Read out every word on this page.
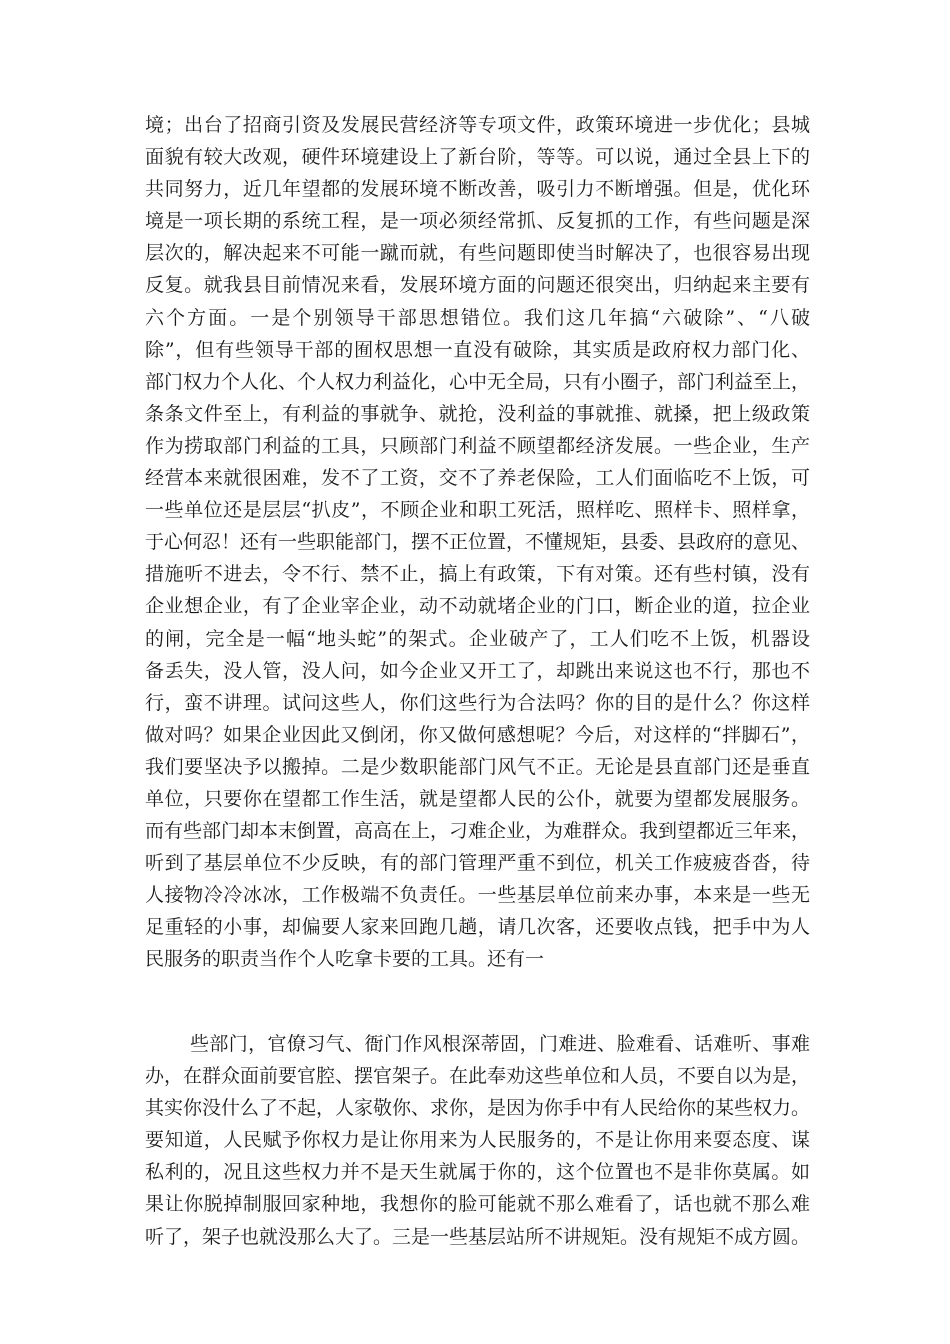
境；出台了招商引资及发展民营经济等专项文件，政策环境进一步优化；县城
面貌有较大改观，硬件环境建设上了新台阶，等等。可以说，通过全县上下的
共同努力，近几年望都的发展环境不断改善，吸引力不断增强。但是，优化环
境是一项长期的系统工程，是一项必须经常抓、反复抓的工作，有些问题是深
层次的，解决起来不可能一蹴而就，有些问题即使当时解决了，也很容易出现
反复。就我县目前情况来看，发展环境方面的问题还很突出，归纳起来主要有
六个方面。一是个别领导干部思想错位。我们这几年搞“六破除”、“八破
除”，但有些领导干部的囿权思想一直没有破除，其实质是政府权力部门化、
部门权力个人化、个人权力利益化，心中无全局，只有小圈子，部门利益至上，
条条文件至上，有利益的事就争、就抢，没利益的事就推、就搡，把上级政策
作为捞取部门利益的工具，只顾部门利益不顾望都经济发展。一些企业，生产
经营本来就很困难，发不了工资，交不了养老保险，工人们面临吃不上饭，可
一些单位还是层层“扒皮”，不顾企业和职工死活，照样吃、照样卡、照样拿，
于心何忍！还有一些职能部门，摆不正位置，不懂规矩，县委、县政府的意见、
措施听不进去，令不行、禁不止，搞上有政策，下有对策。还有些村镇，没有
企业想企业，有了企业宰企业，动不动就堵企业的门口，断企业的道，拉企业
的闸，完全是一幅“地头蛇”的架式。企业破产了，工人们吃不上饭，机器设
备丢失，没人管，没人问，如今企业又开工了，却跳出来说这也不行，那也不
行，蛮不讲理。试问这些人，你们这些行为合法吗？你的目的是什么？你这样
做对吗？如果企业因此又倒闭，你又做何感想呢？今后，对这样的“拌脚石”，
我们要坚决予以搬掉。二是少数职能部门风气不正。无论是县直部门还是垂直
单位，只要你在望都工作生活，就是望都人民的公仆，就要为望都发展服务。
而有些部门却本末倒置，高高在上，刁难企业，为难群众。我到望都近三年来，
听到了基层单位不少反映，有的部门管理严重不到位，机关工作疲疲沓沓，待
人接物冷冷冰冰，工作极端不负责任。一些基层单位前来办事，本来是一些无
足重轻的小事，却偏要人家来回跑几趟，请几次客，还要收点钱，把手中为人
民服务的职责当作个人吃拿卡要的工具。还有一
些部门，官僚习气、衙门作风根深蒂固，门难进、脸难看、话难听、事难
办，在群众面前要官腔、摆官架子。在此奉劝这些单位和人员，不要自以为是，
其实你没什么了不起，人家敬你、求你，是因为你手中有人民给你的某些权力。
要知道，人民赋予你权力是让你用来为人民服务的，不是让你用来耍态度、谋
私利的，况且这些权力并不是天生就属于你的，这个位置也不是非你莫属。如
果让你脱掉制服回家种地，我想你的脸可能就不那么难看了，话也就不那么难
听了，架子也就没那么大了。三是一些基层站所不讲规矩。没有规矩不成方圆。
